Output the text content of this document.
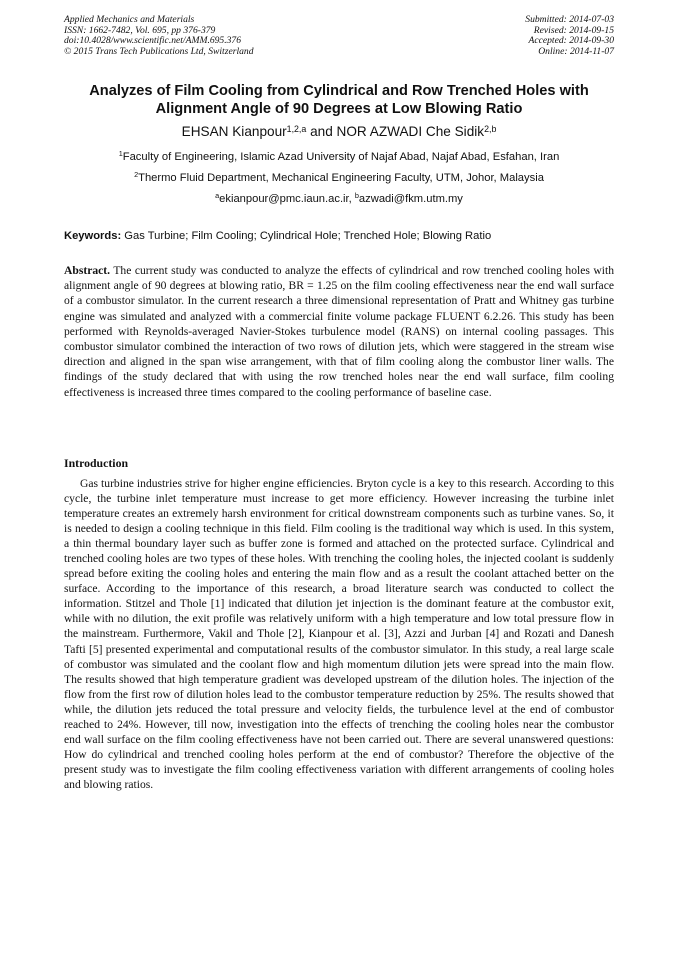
Applied Mechanics and Materials
ISSN: 1662-7482, Vol. 695, pp 376-379
doi:10.4028/www.scientific.net/AMM.695.376
© 2015 Trans Tech Publications Ltd, Switzerland
Submitted: 2014-07-03
Revised: 2014-09-15
Accepted: 2014-09-30
Online: 2014-11-07
Analyzes of Film Cooling from Cylindrical and Row Trenched Holes with
Alignment Angle of 90 Degrees at Low Blowing Ratio
EHSAN Kianpour$^{1,2,a}$ and NOR AZWADI Che Sidik$^{2,b}$
$^1$Faculty of Engineering, Islamic Azad University of Najaf Abad, Najaf Abad, Esfahan, Iran
$^2$Thermo Fluid Department, Mechanical Engineering Faculty, UTM, Johor, Malaysia
$^a$ekianpour@pmc.iaun.ac.ir, $^b$azwadi@fkm.utm.my
Keywords: Gas Turbine; Film Cooling; Cylindrical Hole; Trenched Hole; Blowing Ratio
Abstract. The current study was conducted to analyze the effects of cylindrical and row trenched cooling holes with alignment angle of 90 degrees at blowing ratio, BR = 1.25 on the film cooling effectiveness near the end wall surface of a combustor simulator. In the current research a three dimensional representation of Pratt and Whitney gas turbine engine was simulated and analyzed with a commercial finite volume package FLUENT 6.2.26. This study has been performed with Reynolds-averaged Navier-Stokes turbulence model (RANS) on internal cooling passages. This combustor simulator combined the interaction of two rows of dilution jets, which were staggered in the stream wise direction and aligned in the span wise arrangement, with that of film cooling along the combustor liner walls. The findings of the study declared that with using the row trenched holes near the end wall surface, film cooling effectiveness is increased three times compared to the cooling performance of baseline case.
Introduction

Gas turbine industries strive for higher engine efficiencies. Bryton cycle is a key to this research. According to this cycle, the turbine inlet temperature must increase to get more efficiency. However increasing the turbine inlet temperature creates an extremely harsh environment for critical downstream components such as turbine vanes. So, it is needed to design a cooling technique in this field. Film cooling is the traditional way which is used. In this system, a thin thermal boundary layer such as buffer zone is formed and attached on the protected surface. Cylindrical and trenched cooling holes are two types of these holes. With trenching the cooling holes, the injected coolant is suddenly spread before exiting the cooling holes and entering the main flow and as a result the coolant attached better on the surface. According to the importance of this research, a broad literature search was conducted to collect the information. Stitzel and Thole [1] indicated that dilution jet injection is the dominant feature at the combustor exit, while with no dilution, the exit profile was relatively uniform with a high temperature and low total pressure flow in the mainstream. Furthermore, Vakil and Thole [2], Kianpour et al. [3], Azzi and Jurban [4] and Rozati and Danesh Tafti [5] presented experimental and computational results of the combustor simulator. In this study, a real large scale of combustor was simulated and the coolant flow and high momentum dilution jets were spread into the main flow. The results showed that high temperature gradient was developed upstream of the dilution holes. The injection of the flow from the first row of dilution holes lead to the combustor temperature reduction by 25%. The results showed that while, the dilution jets reduced the total pressure and velocity fields, the turbulence level at the end of combustor reached to 24%. However, till now, investigation into the effects of trenching the cooling holes near the combustor end wall surface on the film cooling effectiveness have not been carried out. There are several unanswered questions: How do cylindrical and trenched cooling holes perform at the end of combustor? Therefore the objective of the present study was to investigate the film cooling effectiveness variation with different arrangements of cooling holes and blowing ratios.
